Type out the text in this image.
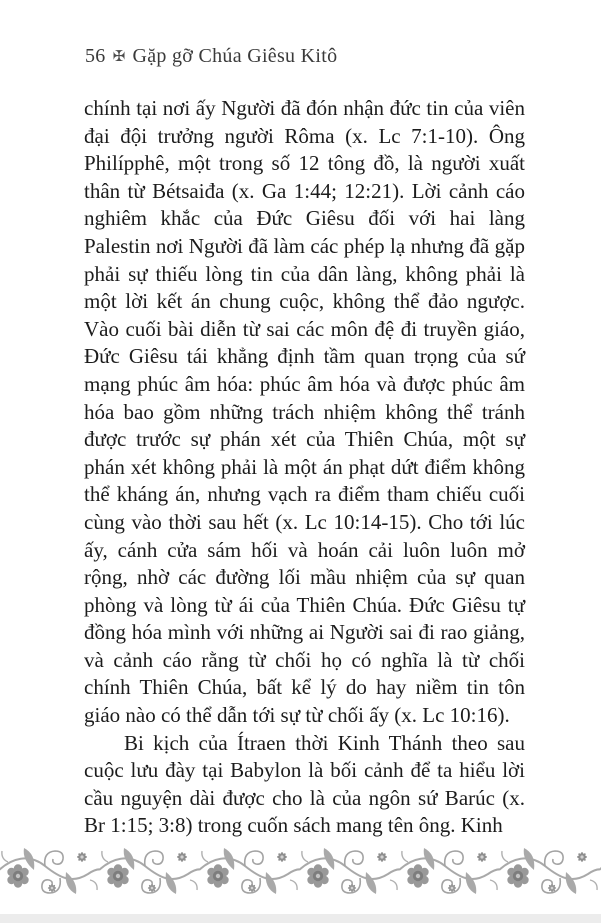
56 ✠ Gặp gỡ Chúa Giêsu Kitô

chính tại nơi ấy Người đã đón nhận đức tin của viên đại đội trưởng người Rôma (x. Lc 7:1-10). Ông Philípphê, một trong số 12 tông đồ, là người xuất thân từ Bétsaiđa (x. Ga 1:44; 12:21). Lời cảnh cáo nghiêm khắc của Đức Giêsu đối với hai làng Palestin nơi Người đã làm các phép lạ nhưng đã gặp phải sự thiếu lòng tin của dân làng, không phải là một lời kết án chung cuộc, không thể đảo ngược. Vào cuối bài diễn từ sai các môn đệ đi truyền giáo, Đức Giêsu tái khẳng định tầm quan trọng của sứ mạng phúc âm hóa: phúc âm hóa và được phúc âm hóa bao gồm những trách nhiệm không thể tránh được trước sự phán xét của Thiên Chúa, một sự phán xét không phải là một án phạt dứt điểm không thể kháng án, nhưng vạch ra điểm tham chiếu cuối cùng vào thời sau hết (x. Lc 10:14-15). Cho tới lúc ấy, cánh cửa sám hối và hoán cải luôn luôn mở rộng, nhờ các đường lối mầu nhiệm của sự quan phòng và lòng từ ái của Thiên Chúa. Đức Giêsu tự đồng hóa mình với những ai Người sai đi rao giảng, và cảnh cáo rằng từ chối họ có nghĩa là từ chối chính Thiên Chúa, bất kể lý do hay niềm tin tôn giáo nào có thể dẫn tới sự từ chối ấy (x. Lc 10:16).

Bi kịch của Ítraen thời Kinh Thánh theo sau cuộc lưu đày tại Babylon là bối cảnh để ta hiểu lời cầu nguyện dài được cho là của ngôn sứ Barúc (x. Br 1:15; 3:8) trong cuốn sách mang tên ông. Kinh
